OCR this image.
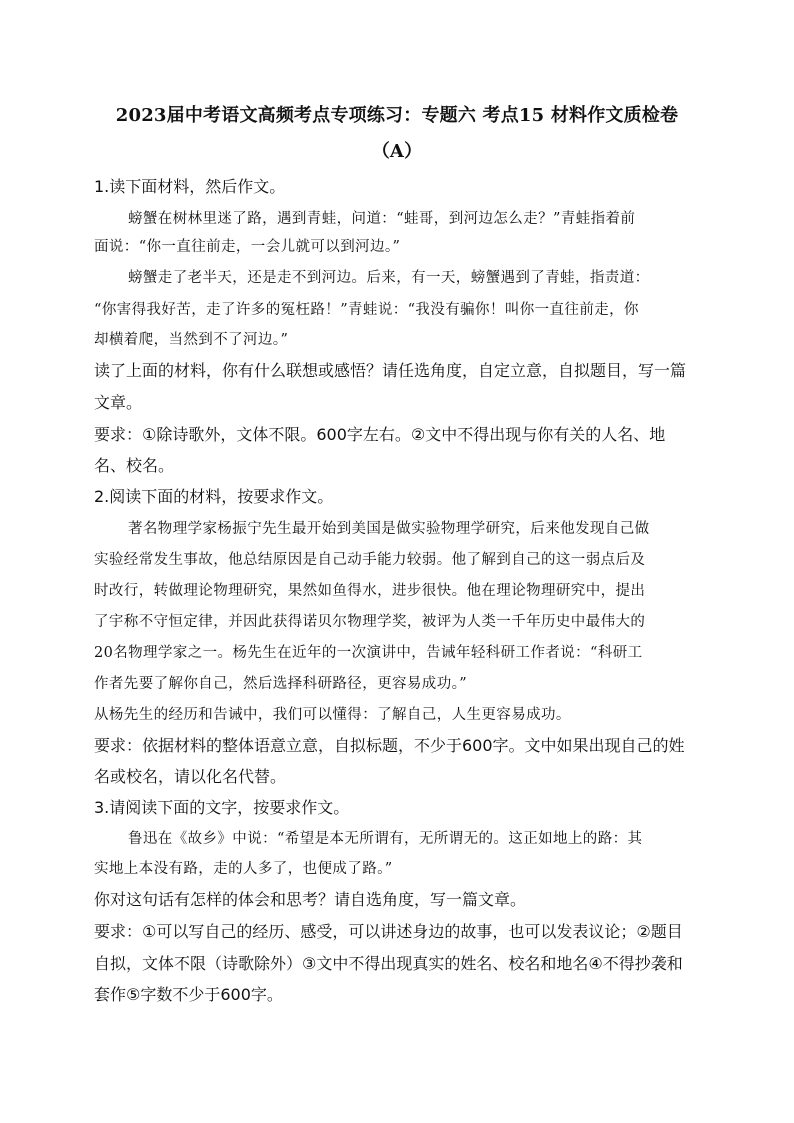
2023届中考语文高频考点专项练习：专题六 考点15 材料作文质检卷
（A）
1.读下面材料，然后作文。
螃蟹在树林里迷了路，遇到青蛙，问道：“蛙哥，到河边怎么走？”青蛙指着前
面说：“你一直往前走，一会儿就可以到河边。”
螃蟹走了老半天，还是走不到河边。后来，有一天，螃蟹遇到了青蛙，指责道：
“你害得我好苦，走了许多的冤枉路！”青蛙说：“我没有骗你！叫你一直往前走，你
却横着爬，当然到不了河边。”
读了上面的材料，你有什么联想或感悟？请任选角度，自定立意，自拟题目，写一篇
文章。
要求：①除诗歌外，文体不限。600字左右。②文中不得出现与你有关的人名、地
名、校名。
2.阅读下面的材料，按要求作文。
著名物理学家杨振宁先生最开始到美国是做实验物理学研究，后来他发现自己做
实验经常发生事故，他总结原因是自己动手能力较弱。他了解到自己的这一弱点后及
时改行，转做理论物理研究，果然如鱼得水，进步很快。他在理论物理研究中，提出
了宇称不守恒定律，并因此获得诺贝尔物理学奖，被评为人类一千年历史中最伟大的
20名物理学家之一。杨先生在近年的一次演讲中，告诫年轻科研工作者说：“科研工
作者先要了解你自己，然后选择科研路径，更容易成功。”
从杨先生的经历和告诫中，我们可以懂得：了解自己，人生更容易成功。
要求：依据材料的整体语意立意，自拟标题，不少于600字。文中如果出现自己的姓
名或校名，请以化名代替。
3.请阅读下面的文字，按要求作文。
鲁迅在《故乡》中说：“希望是本无所谓有，无所谓无的。这正如地上的路：其
实地上本没有路，走的人多了，也便成了路。”
你对这句话有怎样的体会和思考？请自选角度，写一篇文章。
要求：①可以写自己的经历、感受，可以讲述身边的故事，也可以发表议论；②题目
自拟，文体不限（诗歌除外）③文中不得出现真实的姓名、校名和地名④不得抄袭和
套作⑤字数不少于600字。
